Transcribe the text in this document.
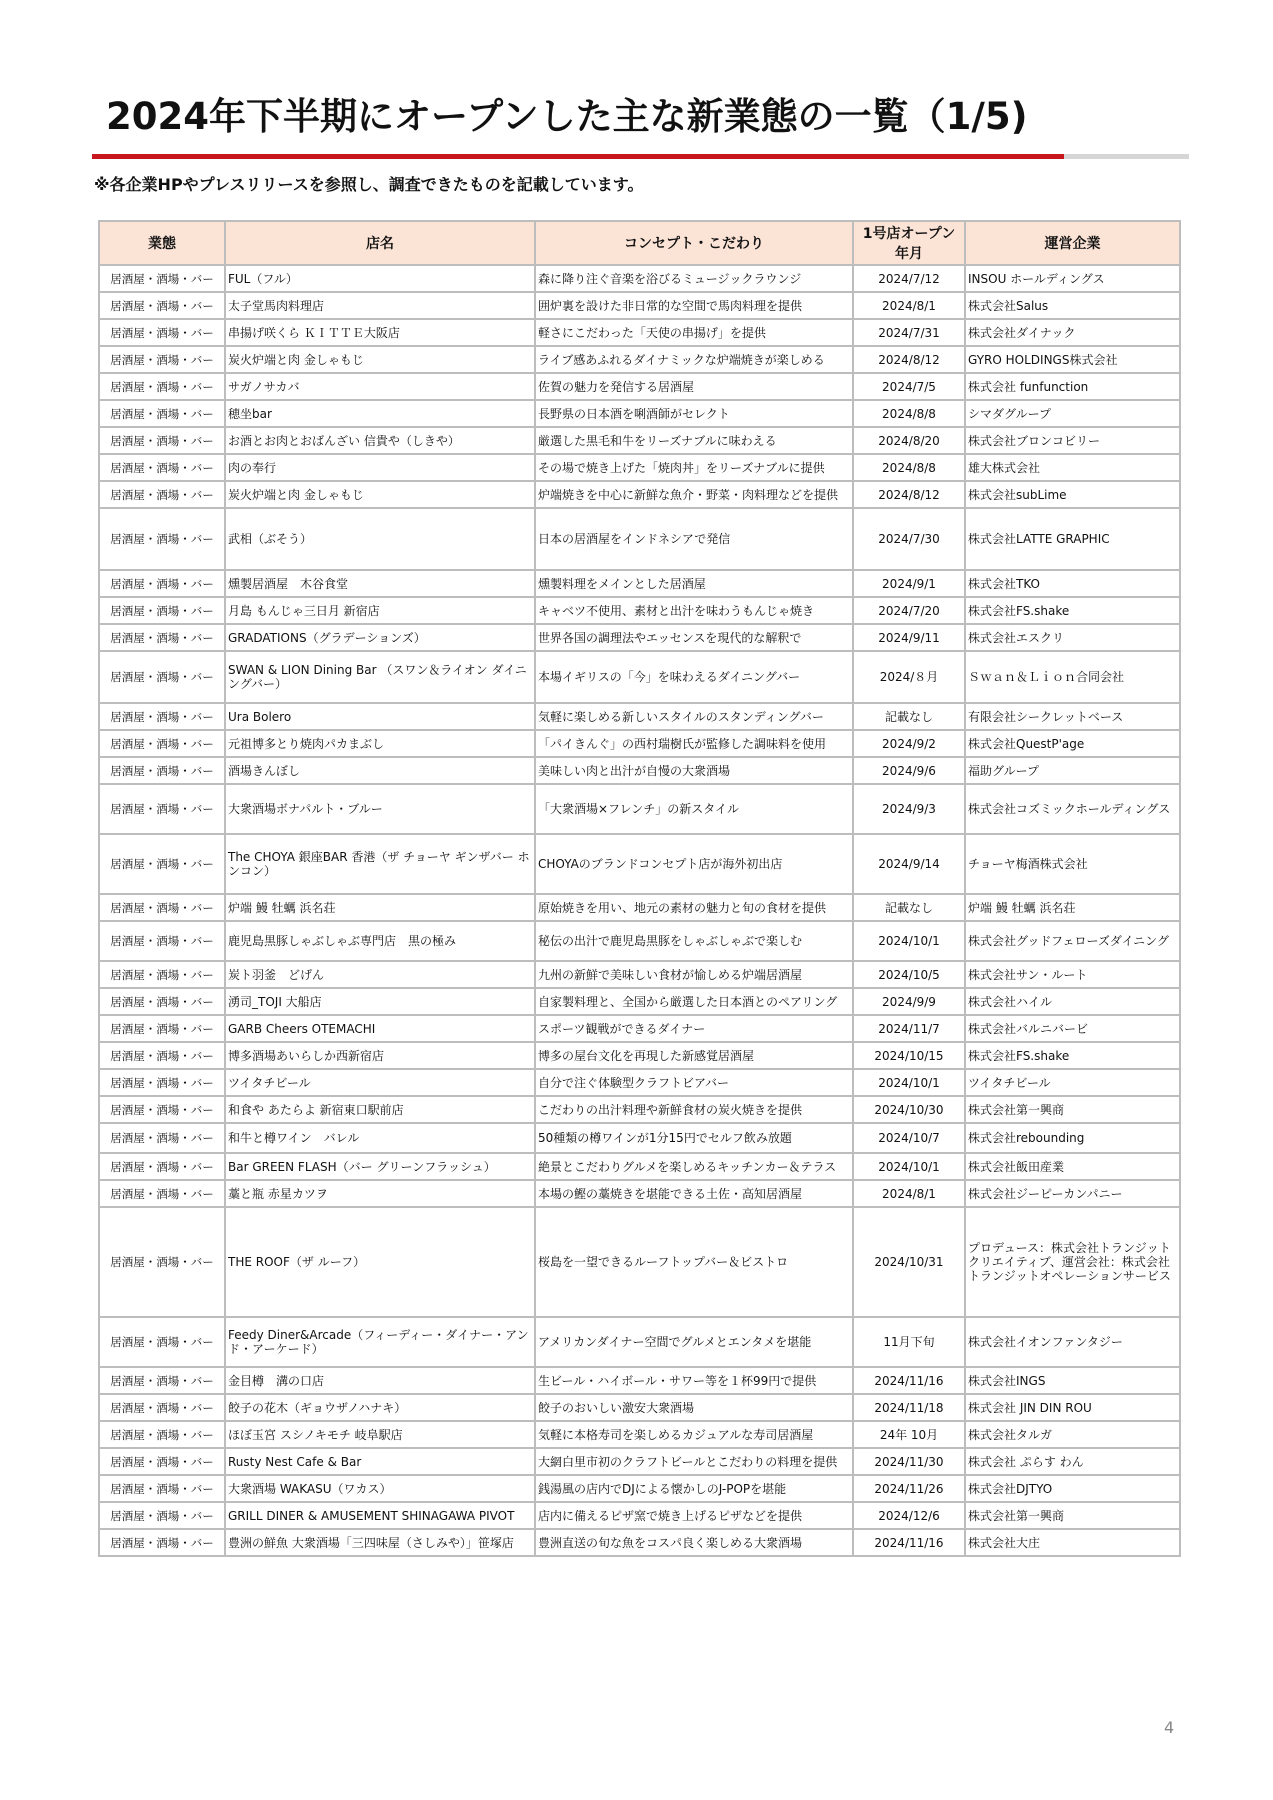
2024年下半期にオープンした主な新業態の一覧（1/5)
※各企業HPやプレスリリースを参照し、調査できたものを記載しています。
業態	店名	コンセプト・こだわり	1号店オープン年月	運営企業
居酒屋・酒場・バー	FUL（フル）	森に降り注ぐ音楽を浴びるミュージックラウンジ	2024/7/12	INSOU ホールディングス
居酒屋・酒場・バー	太子堂馬肉料理店	囲炉裏を設けた非日常的な空間で馬肉料理を提供	2024/8/1	株式会社Salus
居酒屋・酒場・バー	串揚げ咲くら ＫＩＴＴＥ大阪店	軽さにこだわった「天使の串揚げ」を提供	2024/7/31	株式会社ダイナック
居酒屋・酒場・バー	炭火炉端と肉 金しゃもじ	ライブ感あふれるダイナミックな炉端焼きが楽しめる	2024/8/12	GYRO HOLDINGS株式会社
居酒屋・酒場・バー	サガノサカバ	佐賀の魅力を発信する居酒屋	2024/7/5	株式会社 funfunction
居酒屋・酒場・バー	穂坐bar	長野県の日本酒を唎酒師がセレクト	2024/8/8	シマダグループ
居酒屋・酒場・バー	お酒とお肉とおばんざい 信貴や（しきや）	厳選した黒毛和牛をリーズナブルに味わえる	2024/8/20	株式会社ブロンコビリー
居酒屋・酒場・バー	肉の奉行	その場で焼き上げた「焼肉丼」をリーズナブルに提供	2024/8/8	雄大株式会社
居酒屋・酒場・バー	炭火炉端と肉 金しゃもじ	炉端焼きを中心に新鮮な魚介・野菜・肉料理などを提供	2024/8/12	株式会社subLime
居酒屋・酒場・バー	武相（ぶそう）	日本の居酒屋をインドネシアで発信	2024/7/30	株式会社LATTE GRAPHIC
居酒屋・酒場・バー	燻製居酒屋　木谷食堂	燻製料理をメインとした居酒屋	2024/9/1	株式会社TKO
居酒屋・酒場・バー	月島 もんじゃ三日月 新宿店	キャベツ不使用、素材と出汁を味わうもんじゃ焼き	2024/7/20	株式会社FS.shake
居酒屋・酒場・バー	GRADATIONS（グラデーションズ）	世界各国の調理法やエッセンスを現代的な解釈で	2024/9/11	株式会社エスクリ
居酒屋・酒場・バー	SWAN & LION Dining Bar （スワン＆ライオン ダイニングバー）	本場イギリスの「今」を味わえるダイニングバー	2024/８月	Ｓｗａｎ＆Ｌｉｏｎ合同会社
居酒屋・酒場・バー	Ura Bolero	気軽に楽しめる新しいスタイルのスタンディングバー	記載なし	有限会社シークレットベース
居酒屋・酒場・バー	元祖博多とり焼肉パカまぶし	「パイきんぐ」の西村瑞樹氏が監修した調味料を使用	2024/9/2	株式会社QuestP'age
居酒屋・酒場・バー	酒場きんぼし	美味しい肉と出汁が自慢の大衆酒場	2024/9/6	福助グループ
居酒屋・酒場・バー	大衆酒場ボナパルト・ブルー	「大衆酒場×フレンチ」の新スタイル	2024/9/3	株式会社コズミックホールディングス
居酒屋・酒場・バー	The CHOYA 銀座BAR 香港（ザ チョーヤ ギンザバー ホンコン）	CHOYAのブランドコンセプト店が海外初出店	2024/9/14	チョーヤ梅酒株式会社
居酒屋・酒場・バー	炉端 鰻 牡蠣 浜名荘	原始焼きを用い、地元の素材の魅力と旬の食材を提供	記載なし	炉端 鰻 牡蠣 浜名荘
居酒屋・酒場・バー	鹿児島黒豚しゃぶしゃぶ専門店　黒の極み	秘伝の出汁で鹿児島黒豚をしゃぶしゃぶで楽しむ	2024/10/1	株式会社グッドフェローズダイニング
居酒屋・酒場・バー	炭ト羽釜　どげん	九州の新鮮で美味しい食材が愉しめる炉端居酒屋	2024/10/5	株式会社サン・ルート
居酒屋・酒場・バー	湧司_TOJI 大船店	自家製料理と、全国から厳選した日本酒とのペアリング	2024/9/9	株式会社ハイル
居酒屋・酒場・バー	GARB Cheers OTEMACHI	スポーツ観戦ができるダイナー	2024/11/7	株式会社バルニバービ
居酒屋・酒場・バー	博多酒場あいらしか西新宿店	博多の屋台文化を再現した新感覚居酒屋	2024/10/15	株式会社FS.shake
居酒屋・酒場・バー	ツイタチビール	自分で注ぐ体験型クラフトビアバー	2024/10/1	ツイタチビール
居酒屋・酒場・バー	和食や あたらよ 新宿東口駅前店	こだわりの出汁料理や新鮮食材の炭火焼きを提供	2024/10/30	株式会社第一興商
居酒屋・酒場・バー	和牛と樽ワイン　バレル	50種類の樽ワインが1分15円でセルフ飲み放題	2024/10/7	株式会社rebounding
居酒屋・酒場・バー	Bar GREEN FLASH（バー グリーンフラッシュ）	絶景とこだわりグルメを楽しめるキッチンカー＆テラス	2024/10/1	株式会社飯田産業
居酒屋・酒場・バー	藁と瓶 赤星カツヲ	本場の鰹の藁焼きを堪能できる土佐・高知居酒屋	2024/8/1	株式会社ジーピーカンパニー
居酒屋・酒場・バー	THE ROOF（ザ ルーフ）	桜島を一望できるルーフトップバー＆ビストロ	2024/10/31	プロデュース：株式会社トランジットクリエイティブ、運営会社：株式会社トランジットオペレーションサービス
居酒屋・酒場・バー	Feedy Diner&Arcade（フィーディー・ダイナー・アンド・アーケード）	アメリカンダイナー空間でグルメとエンタメを堪能	11月下旬	株式会社イオンファンタジー
居酒屋・酒場・バー	金目樽　溝の口店	生ビール・ハイボール・サワー等を１杯99円で提供	2024/11/16	株式会社INGS
居酒屋・酒場・バー	餃子の花木（ギョウザノハナキ）	餃子のおいしい激安大衆酒場	2024/11/18	株式会社 JIN DIN ROU
居酒屋・酒場・バー	ほぼ玉宮 スシノキモチ 岐阜駅店	気軽に本格寿司を楽しめるカジュアルな寿司居酒屋	24年 10月	株式会社タルガ
居酒屋・酒場・バー	Rusty Nest Cafe & Bar	大網白里市初のクラフトビールとこだわりの料理を提供	2024/11/30	株式会社 ぷらす わん
居酒屋・酒場・バー	大衆酒場 WAKASU（ワカス）	銭湯風の店内でDJによる懐かしのJ-POPを堪能	2024/11/26	株式会社DJTYO
居酒屋・酒場・バー	GRILL DINER & AMUSEMENT SHINAGAWA PIVOT	店内に備えるピザ窯で焼き上げるピザなどを提供	2024/12/6	株式会社第一興商
居酒屋・酒場・バー	豊洲の鮮魚 大衆酒場「三四味屋（さしみや）」笹塚店	豊洲直送の旬な魚をコスパ良く楽しめる大衆酒場	2024/11/16	株式会社大庄
4
